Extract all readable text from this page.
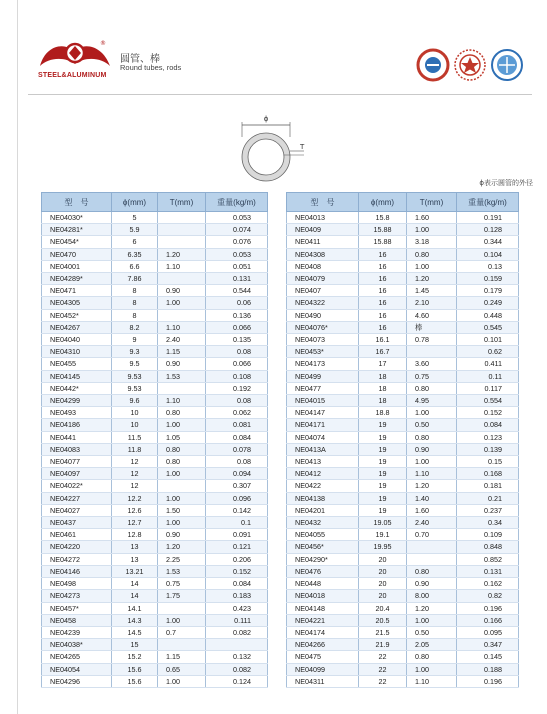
®
STEEL&ALUMINUM
圆管、棒
Round tubes, rods
ϕ
T
ϕ表示圆管的外径
型　号	ϕ(mm)	T(mm)	重量(kg/m)
NE04030*	5		0.053
NE04281*	5.9		0.074
NE0454*	6		0.076
NE0470	6.35	1.20	0.053
NE04001	6.6	1.10	0.051
NE04289*	7.86		0.131
NE0471	8	0.90	0.544
NE04305	8	1.00	0.06
NE0452*	8		0.136
NE04267	8.2	1.10	0.066
NE04040	9	2.40	0.135
NE04310	9.3	1.15	0.08
NE0455	9.5	0.90	0.066
NE04145	9.53	1.53	0.108
NE0442*	9.53		0.192
NE04299	9.6	1.10	0.08
NE0493	10	0.80	0.062
NE04186	10	1.00	0.081
NE0441	11.5	1.05	0.084
NE04083	11.8	0.80	0.078
NE04077	12	0.80	0.08
NE04097	12	1.00	0.094
NE04022*	12		0.307
NE04227	12.2	1.00	0.096
NE04027	12.6	1.50	0.142
NE0437	12.7	1.00	0.1
NE0461	12.8	0.90	0.091
NE04220	13	1.20	0.121
NE04272	13	2.25	0.206
NE04146	13.21	1.53	0.152
NE0498	14	0.75	0.084
NE04273	14	1.75	0.183
NE0457*	14.1		0.423
NE0458	14.3	1.00	0.111
NE04239	14.5	0.7	0.082
NE04038*	15		
NE04265	15.2	1.15	0.132
NE04054	15.6	0.65	0.082
NE04296	15.6	1.00	0.124
型　号	ϕ(mm)	T(mm)	重量(kg/m)
NE04013	15.8	1.60	0.191
NE0409	15.88	1.00	0.128
NE0411	15.88	3.18	0.344
NE04308	16	0.80	0.104
NE0408	16	1.00	0.13
NE04079	16	1.20	0.159
NE0407	16	1.45	0.179
NE04322	16	2.10	0.249
NE0490	16	4.60	0.448
NE04076*	16	棒	0.545
NE04073	16.1	0.78	0.101
NE0453*	16.7		0.62
NE04173	17	3.60	0.411
NE0499	18	0.75	0.11
NE0477	18	0.80	0.117
NE04015	18	4.95	0.554
NE04147	18.8	1.00	0.152
NE04171	19	0.50	0.084
NE04074	19	0.80	0.123
NE0413A	19	0.90	0.139
NE0413	19	1.00	0.15
NE0412	19	1.10	0.168
NE0422	19	1.20	0.181
NE04138	19	1.40	0.21
NE04201	19	1.60	0.237
NE0432	19.05	2.40	0.34
NE04055	19.1	0.70	0.109
NE0456*	19.95		0.848
NE04290*	20		0.852
NE0476	20	0.80	0.131
NE0448	20	0.90	0.162
NE04018	20	8.00	0.82
NE04148	20.4	1.20	0.196
NE04221	20.5	1.00	0.166
NE04174	21.5	0.50	0.095
NE04266	21.9	2.05	0.347
NE0475	22	0.80	0.145
NE04099	22	1.00	0.188
NE04311	22	1.10	0.196
